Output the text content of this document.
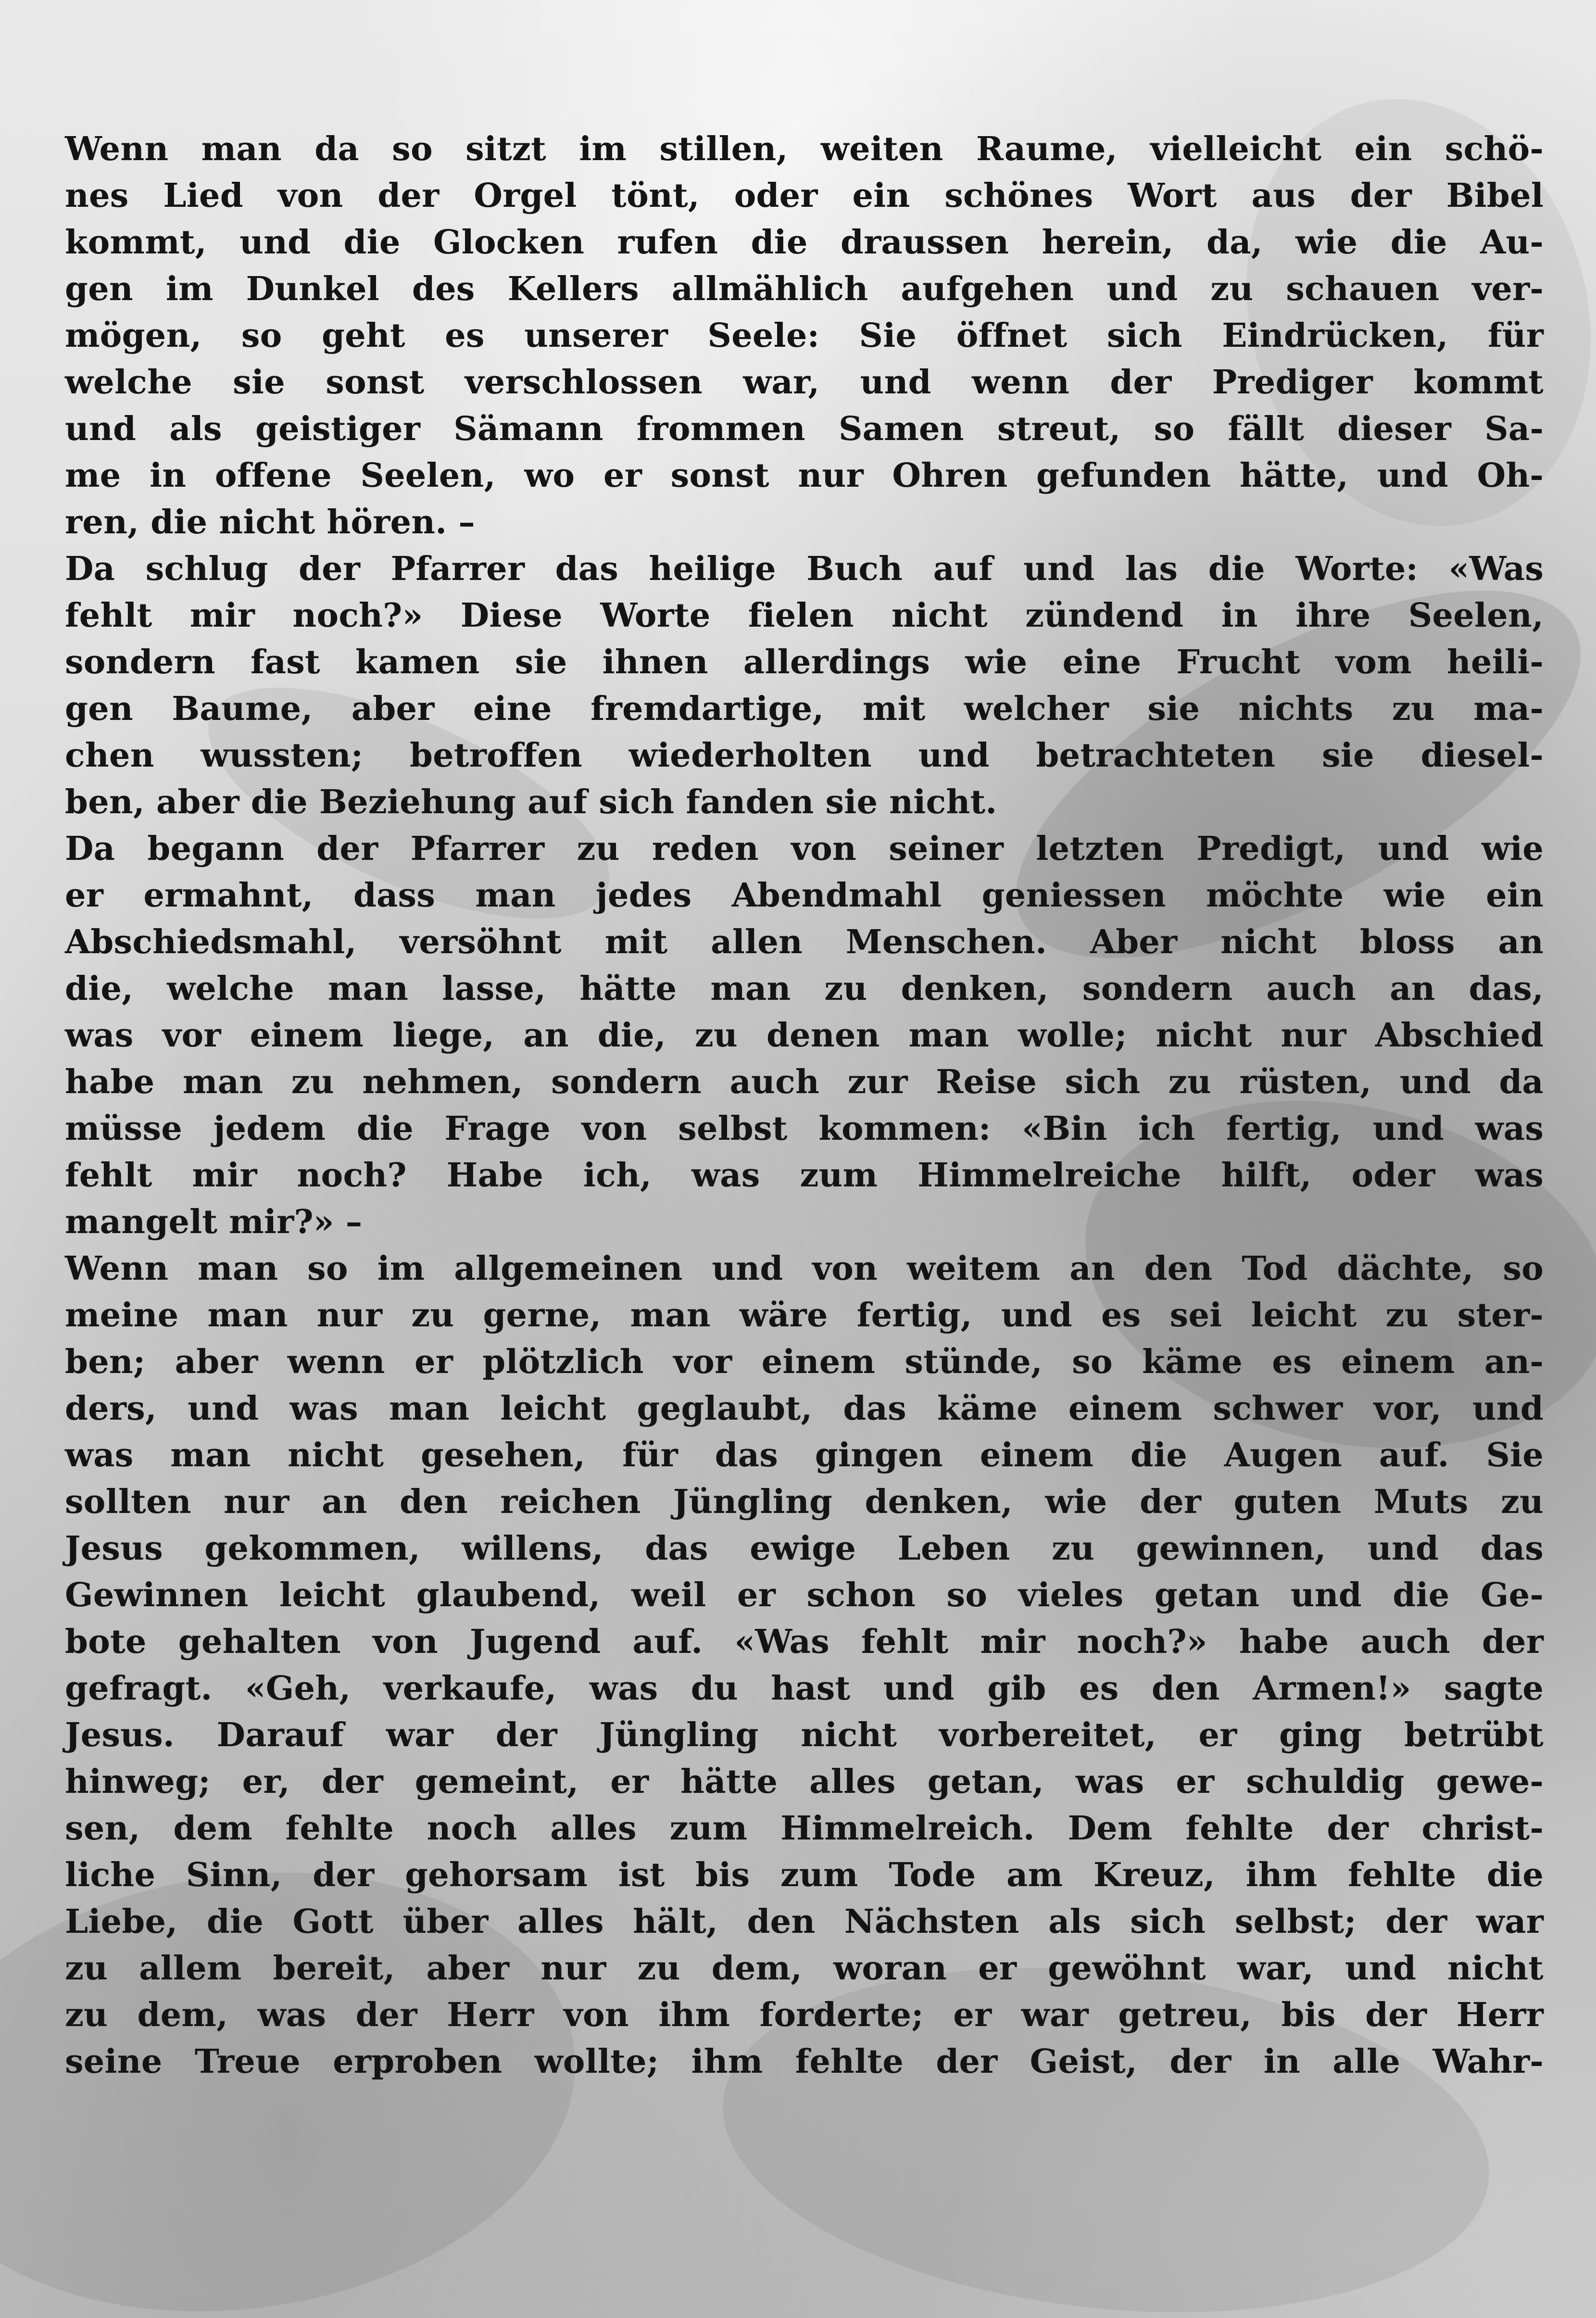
Wenn man da so sitzt im stillen, weiten Raume, vielleicht ein schö-
nes Lied von der Orgel tönt, oder ein schönes Wort aus der Bibel
kommt, und die Glocken rufen die draussen herein, da, wie die Au-
gen im Dunkel des Kellers allmählich aufgehen und zu schauen ver-
mögen, so geht es unserer Seele: Sie öffnet sich Eindrücken, für
welche sie sonst verschlossen war, und wenn der Prediger kommt
und als geistiger Sämann frommen Samen streut, so fällt dieser Sa-
me in offene Seelen, wo er sonst nur Ohren gefunden hätte, und Oh-
ren, die nicht hören. –
Da schlug der Pfarrer das heilige Buch auf und las die Worte: «Was
fehlt mir noch?» Diese Worte fielen nicht zündend in ihre Seelen,
sondern fast kamen sie ihnen allerdings wie eine Frucht vom heili-
gen Baume, aber eine fremdartige, mit welcher sie nichts zu ma-
chen wussten; betroffen wiederholten und betrachteten sie diesel-
ben, aber die Beziehung auf sich fanden sie nicht.
Da begann der Pfarrer zu reden von seiner letzten Predigt, und wie
er ermahnt, dass man jedes Abendmahl geniessen möchte wie ein
Abschiedsmahl, versöhnt mit allen Menschen. Aber nicht bloss an
die, welche man lasse, hätte man zu denken, sondern auch an das,
was vor einem liege, an die, zu denen man wolle; nicht nur Abschied
habe man zu nehmen, sondern auch zur Reise sich zu rüsten, und da
müsse jedem die Frage von selbst kommen: «Bin ich fertig, und was
fehlt mir noch? Habe ich, was zum Himmelreiche hilft, oder was
mangelt mir?» –
Wenn man so im allgemeinen und von weitem an den Tod dächte, so
meine man nur zu gerne, man wäre fertig, und es sei leicht zu ster-
ben; aber wenn er plötzlich vor einem stünde, so käme es einem an-
ders, und was man leicht geglaubt, das käme einem schwer vor, und
was man nicht gesehen, für das gingen einem die Augen auf. Sie
sollten nur an den reichen Jüngling denken, wie der guten Muts zu
Jesus gekommen, willens, das ewige Leben zu gewinnen, und das
Gewinnen leicht glaubend, weil er schon so vieles getan und die Ge-
bote gehalten von Jugend auf. «Was fehlt mir noch?» habe auch der
gefragt. «Geh, verkaufe, was du hast und gib es den Armen!» sagte
Jesus. Darauf war der Jüngling nicht vorbereitet, er ging betrübt
hinweg; er, der gemeint, er hätte alles getan, was er schuldig gewe-
sen, dem fehlte noch alles zum Himmelreich. Dem fehlte der christ-
liche Sinn, der gehorsam ist bis zum Tode am Kreuz, ihm fehlte die
Liebe, die Gott über alles hält, den Nächsten als sich selbst; der war
zu allem bereit, aber nur zu dem, woran er gewöhnt war, und nicht
zu dem, was der Herr von ihm forderte; er war getreu, bis der Herr
seine Treue erproben wollte; ihm fehlte der Geist, der in alle Wahr-
